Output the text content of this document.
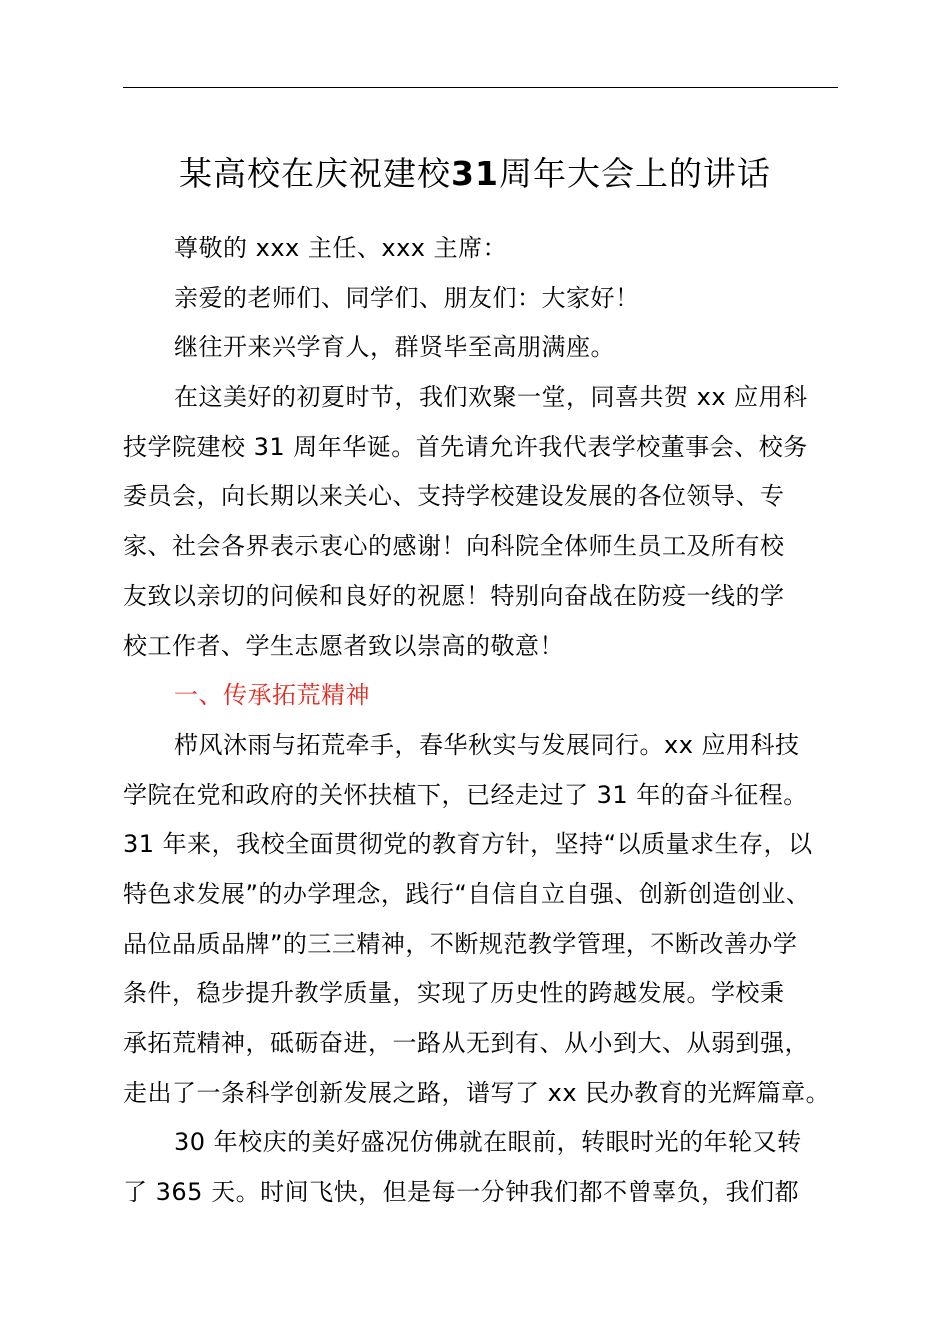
某高校在庆祝建校31周年大会上的讲话
尊敬的 xxx 主任、xxx 主席：
亲爱的老师们、同学们、朋友们：大家好！
继往开来兴学育人，群贤毕至高朋满座。
在这美好的初夏时节，我们欢聚一堂，同喜共贺 xx 应用科
技学院建校 31 周年华诞。首先请允许我代表学校董事会、校务
委员会，向长期以来关心、支持学校建设发展的各位领导、专
家、社会各界表示衷心的感谢！向科院全体师生员工及所有校
友致以亲切的问候和良好的祝愿！特别向奋战在防疫一线的学
校工作者、学生志愿者致以崇高的敬意！
一、传承拓荒精神
栉风沐雨与拓荒牵手，春华秋实与发展同行。xx 应用科技
学院在党和政府的关怀扶植下，已经走过了 31 年的奋斗征程。
31 年来，我校全面贯彻党的教育方针，坚持“以质量求生存，以
特色求发展”的办学理念，践行“自信自立自强、创新创造创业、
品位品质品牌”的三三精神，不断规范教学管理，不断改善办学
条件，稳步提升教学质量，实现了历史性的跨越发展。学校秉
承拓荒精神，砥砺奋进，一路从无到有、从小到大、从弱到强，
走出了一条科学创新发展之路，谱写了 xx 民办教育的光辉篇章。
30 年校庆的美好盛况仿佛就在眼前，转眼时光的年轮又转
了 365 天。时间飞快，但是每一分钟我们都不曾辜负，我们都
